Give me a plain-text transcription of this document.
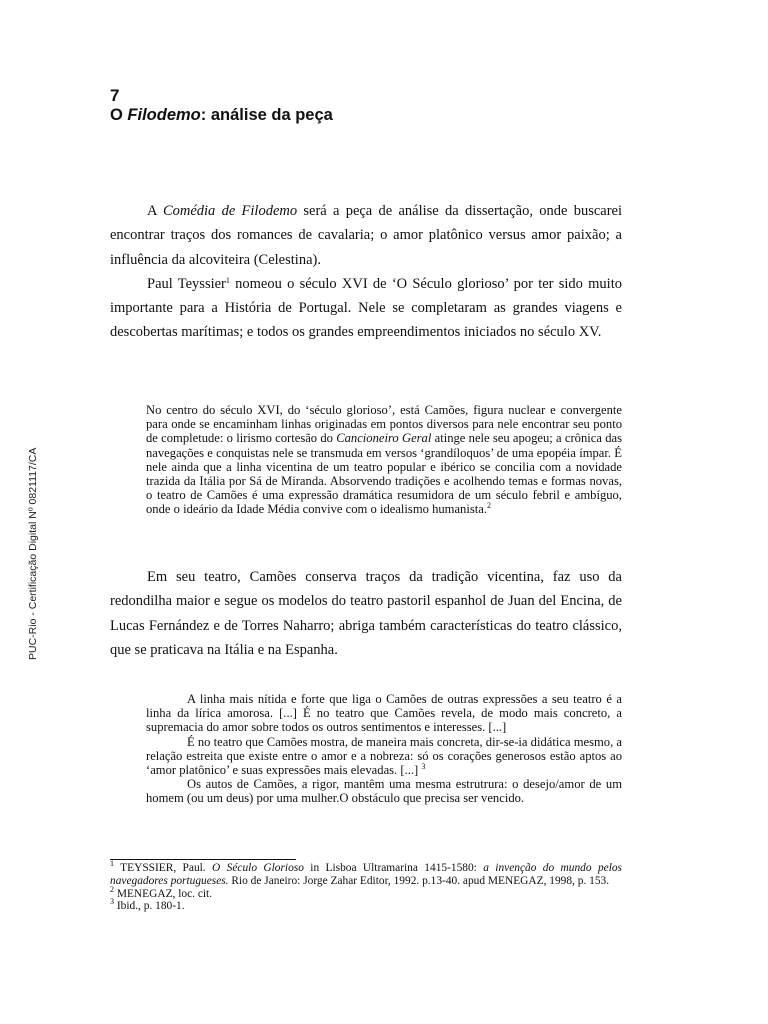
PUC-Rio - Certificação Digital Nº 0821117/CA
7
O Filodemo: análise da peça

A Comédia de Filodemo será a peça de análise da dissertação, onde buscarei encontrar traços dos romances de cavalaria; o amor platônico versus amor paixão; a influência da alcoviteira (Celestina).

Paul Teyssier$^1$ nomeou o século XVI de ‘O Século glorioso’ por ter sido muito importante para a História de Portugal. Nele se completaram as grandes viagens e descobertas marítimas; e todos os grandes empreendimentos iniciados no século XV.

No centro do século XVI, do ‘século glorioso’, está Camões, figura nuclear e convergente para onde se encaminham linhas originadas em pontos diversos para nele encontrar seu ponto de completude: o lirismo cortesão do Cancioneiro Geral atinge nele seu apogeu; a crônica das navegações e conquistas nele se transmuda em versos ‘grandíloquos’ de uma epopéia ímpar. É nele ainda que a linha vicentina de um teatro popular e ibérico se concilia com a novidade trazida da Itália por Sá de Miranda. Absorvendo tradições e acolhendo temas e formas novas, o teatro de Camões é uma expressão dramática resumidora de um século febril e ambíguo, onde o ideário da Idade Média convive com o idealismo humanista.$^2$

Em seu teatro, Camões conserva traços da tradição vicentina, faz uso da redondilha maior e segue os modelos do teatro pastoril espanhol de Juan del Encina, de Lucas Fernández e de Torres Naharro; abriga também características do teatro clássico, que se praticava na Itália e na Espanha.

A linha mais nítida e forte que liga o Camões de outras expressões a seu teatro é a linha da lírica amorosa. [...] É no teatro que Camões revela, de modo mais concreto, a supremacia do amor sobre todos os outros sentimentos e interesses. [...]

É no teatro que Camões mostra, de maneira mais concreta, dir-se-ia didática mesmo, a relação estreita que existe entre o amor e a nobreza: só os corações generosos estão aptos ao ‘amor platônico’ e suas expressões mais elevadas. [...] $^3$

Os autos de Camões, a rigor, mantêm uma mesma estrutrura: o desejo/amor de um homem (ou um deus) por uma mulher.O obstáculo que precisa ser vencido.

$^1$ TEYSSIER, Paul. O Século Glorioso in Lisboa Ultramarina 1415-1580: a invenção do mundo pelos navegadores portugueses. Rio de Janeiro: Jorge Zahar Editor, 1992. p.13-40. apud MENEGAZ, 1998, p. 153.

$^2$ MENEGAZ, loc. cit.

$^3$ Ibid., p. 180-1.
